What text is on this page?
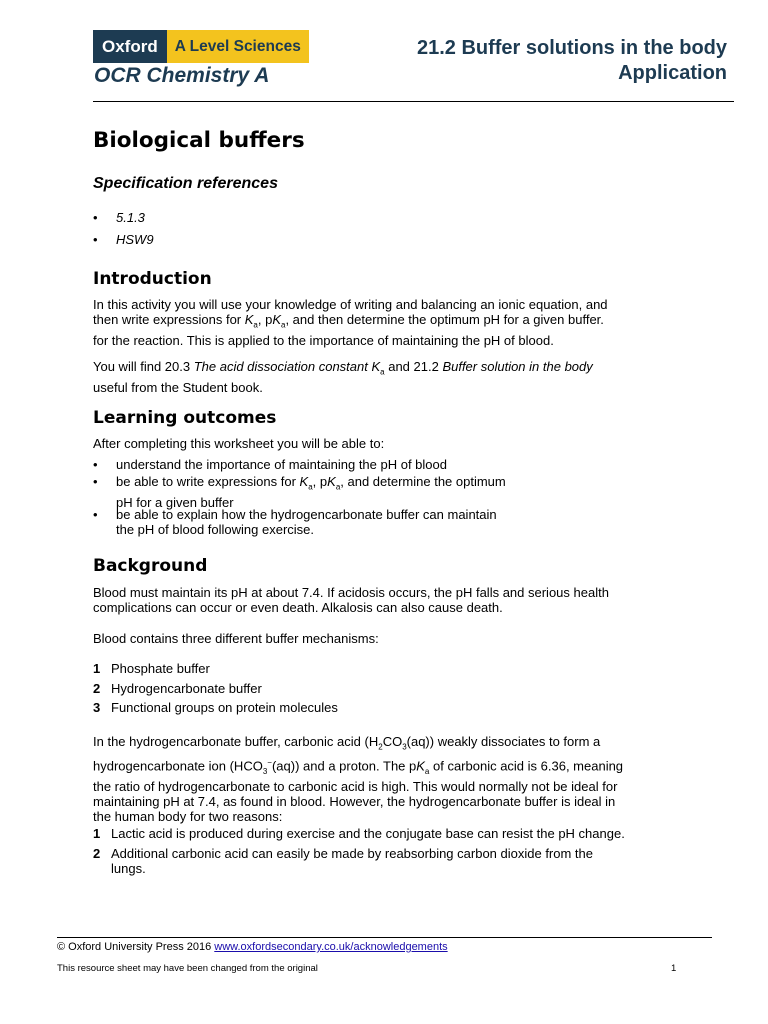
Oxford	A Level Sciences
OCR Chemistry A
21.2 Buffer solutions in the body
Application
Biological buffers
Specification references
• 5.1.3
• HSW9
Introduction
In this activity you will use your knowledge of writing and balancing an ionic equation, and
then write expressions for $K_a$, $pK_a$, and then determine the optimum pH for a given buffer.
for the reaction. This is applied to the importance of maintaining the pH of blood.
You will find 20.3 The acid dissociation constant $K_a$ and 21.2 Buffer solution in the body
useful from the Student book.
Learning outcomes
After completing this worksheet you will be able to:
• understand the importance of maintaining the pH of blood
• be able to write expressions for $K_a$, $pK_a$, and determine the optimum
pH for a given buffer
• be able to explain how the hydrogencarbonate buffer can maintain
the pH of blood following exercise.
Background
Blood must maintain its pH at about 7.4. If acidosis occurs, the pH falls and serious health
complications can occur or even death. Alkalosis can also cause death.
Blood contains three different buffer mechanisms:
1 Phosphate buffer
2 Hydrogencarbonate buffer
3 Functional groups on protein molecules
In the hydrogencarbonate buffer, carbonic acid $(H_2CO_3(aq))$ weakly dissociates to form a
hydrogencarbonate ion $(HCO_3^-(aq))$ and a proton. The $pK_a$ of carbonic acid is 6.36, meaning
the ratio of hydrogencarbonate to carbonic acid is high. This would normally not be ideal for
maintaining pH at 7.4, as found in blood. However, the hydrogencarbonate buffer is ideal in
the human body for two reasons:
1 Lactic acid is produced during exercise and the conjugate base can resist the pH change.
2 Additional carbonic acid can easily be made by reabsorbing carbon dioxide from the
lungs.
© Oxford University Press 2016 www.oxfordsecondary.co.uk/acknowledgements
This resource sheet may have been changed from the original	1
